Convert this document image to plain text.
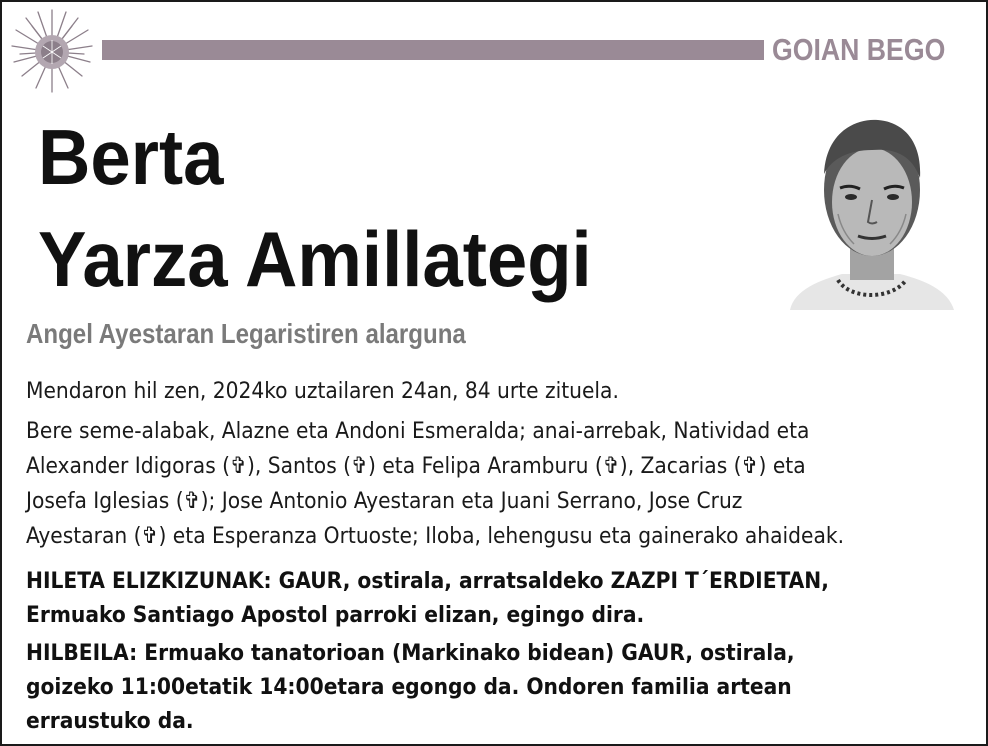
GOIAN BEGO
Berta
Yarza Amillategi
Angel Ayestaran Legaristiren alarguna
Mendaron hil zen, 2024ko uztailaren 24an, 84 urte zituela.
Bere seme-alabak, Alazne eta Andoni Esmeralda; anai-arrebak, Natividad eta
Alexander Idigoras (✞), Santos (✞) eta Felipa Aramburu (✞), Zacarias (✞) eta
Josefa Iglesias (✞); Jose Antonio Ayestaran eta Juani Serrano, Jose Cruz
Ayestaran (✞) eta Esperanza Ortuoste; Iloba, lehengusu eta gainerako ahaideak.
HILETA ELIZKIZUNAK: GAUR, ostirala, arratsaldeko ZAZPI T´ERDIETAN,
Ermuako Santiago Apostol parroki elizan, egingo dira.
HILBEILA: Ermuako tanatorioan (Markinako bidean) GAUR, ostirala,
goizeko 11:00etatik 14:00etara egongo da. Ondoren familia artean
erraustuko da.
